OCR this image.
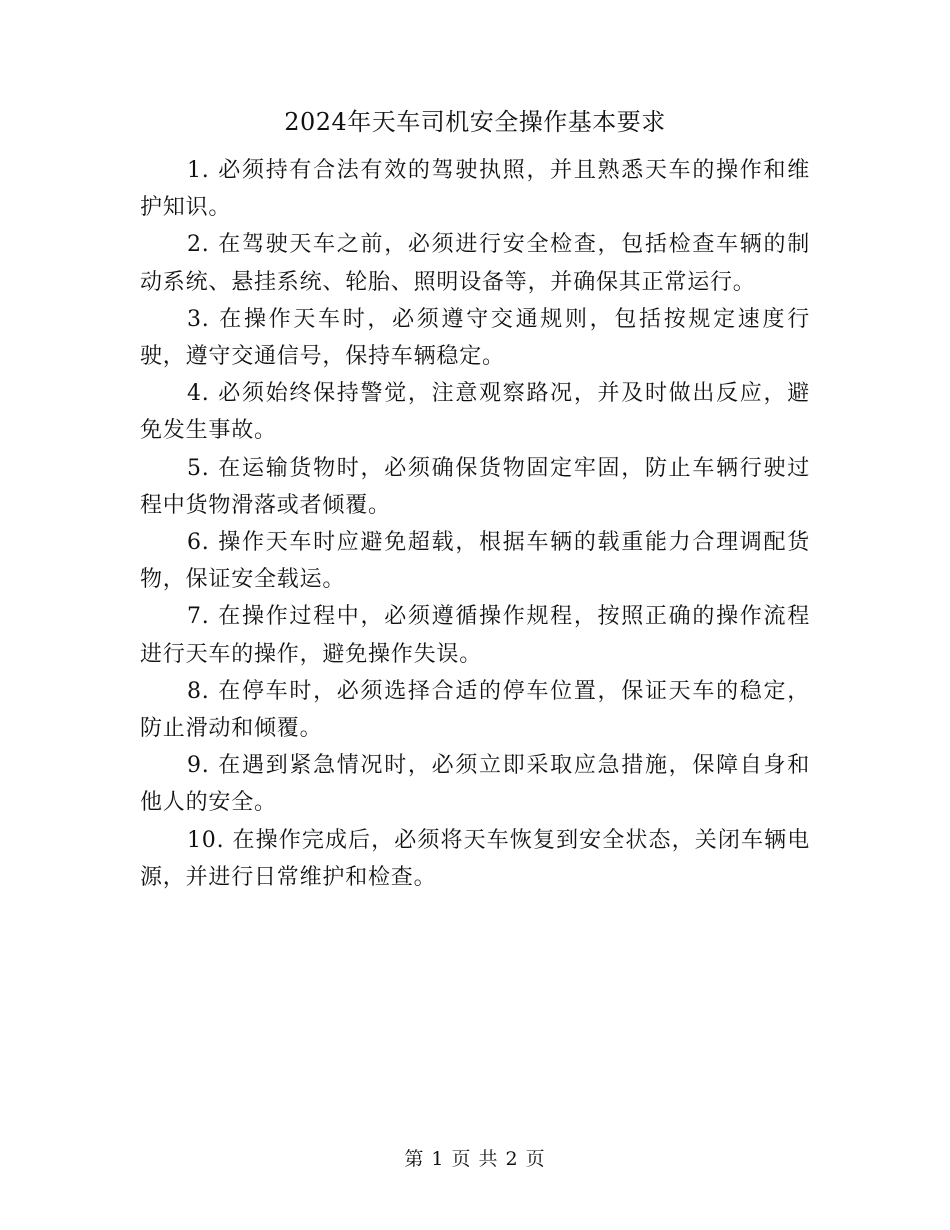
2024年天车司机安全操作基本要求

1. 必须持有合法有效的驾驶执照，并且熟悉天车的操作和维护知识。

2. 在驾驶天车之前，必须进行安全检查，包括检查车辆的制动系统、悬挂系统、轮胎、照明设备等，并确保其正常运行。

3. 在操作天车时，必须遵守交通规则，包括按规定速度行驶，遵守交通信号，保持车辆稳定。

4. 必须始终保持警觉，注意观察路况，并及时做出反应，避免发生事故。

5. 在运输货物时，必须确保货物固定牢固，防止车辆行驶过程中货物滑落或者倾覆。

6. 操作天车时应避免超载，根据车辆的载重能力合理调配货物，保证安全载运。

7. 在操作过程中，必须遵循操作规程，按照正确的操作流程进行天车的操作，避免操作失误。

8. 在停车时，必须选择合适的停车位置，保证天车的稳定，防止滑动和倾覆。

9. 在遇到紧急情况时，必须立即采取应急措施，保障自身和他人的安全。

10. 在操作完成后，必须将天车恢复到安全状态，关闭车辆电源，并进行日常维护和检查。

第 1 页 共 2 页
